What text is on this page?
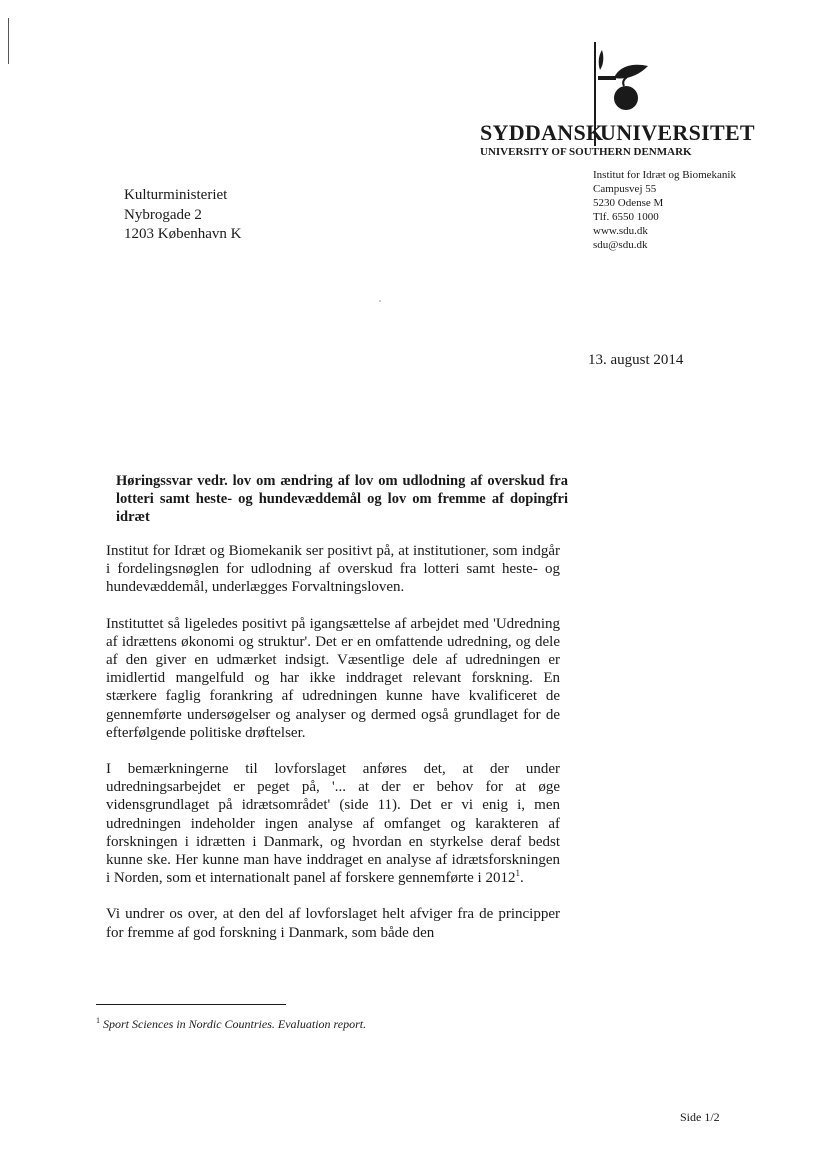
SYDDANSK
UNIVERSITET
UNIVERSITY OF SOUTHERN DENMARK
Institut for Idræt og Biomekanik
Campusvej 55
5230 Odense M
Tlf. 6550 1000
www.sdu.dk
sdu@sdu.dk
Kulturministeriet
Nybrogade 2
1203 København K
13. august 2014
Høringssvar vedr. lov om ændring af lov om udlodning af overskud fra lotteri samt heste- og hundevæddemål og lov om fremme af dopingfri idræt

Institut for Idræt og Biomekanik ser positivt på, at institutioner, som indgår i fordelingsnøglen for udlodning af overskud fra lotteri samt heste- og hundevæddemål, underlægges Forvaltningsloven.

Instituttet så ligeledes positivt på igangsættelse af arbejdet med 'Udredning af idrættens økonomi og struktur'. Det er en omfattende udredning, og dele af den giver en udmærket indsigt. Væsentlige dele af udredningen er imidlertid mangelfuld og har ikke inddraget relevant forskning. En stærkere faglig forankring af udredningen kunne have kvalificeret de gennemførte undersøgelser og analyser og dermed også grundlaget for de efterfølgende politiske drøftelser.

I bemærkningerne til lovforslaget anføres det, at der under udredningsarbejdet er peget på, '... at der er behov for at øge vidensgrundlaget på idrætsområdet' (side 11). Det er vi enig i, men udredningen indeholder ingen analyse af omfanget og karakteren af forskningen i idrætten i Danmark, og hvordan en styrkelse deraf bedst kunne ske. Her kunne man have inddraget en analyse af idrætsforskningen i Norden, som et internationalt panel af forskere gennemførte i 2012$^1$.

Vi undrer os over, at den del af lovforslaget helt afviger fra de principper for fremme af god forskning i Danmark, som både den

$^1$ Sport Sciences in Nordic Countries. Evaluation report.
Side 1/2
